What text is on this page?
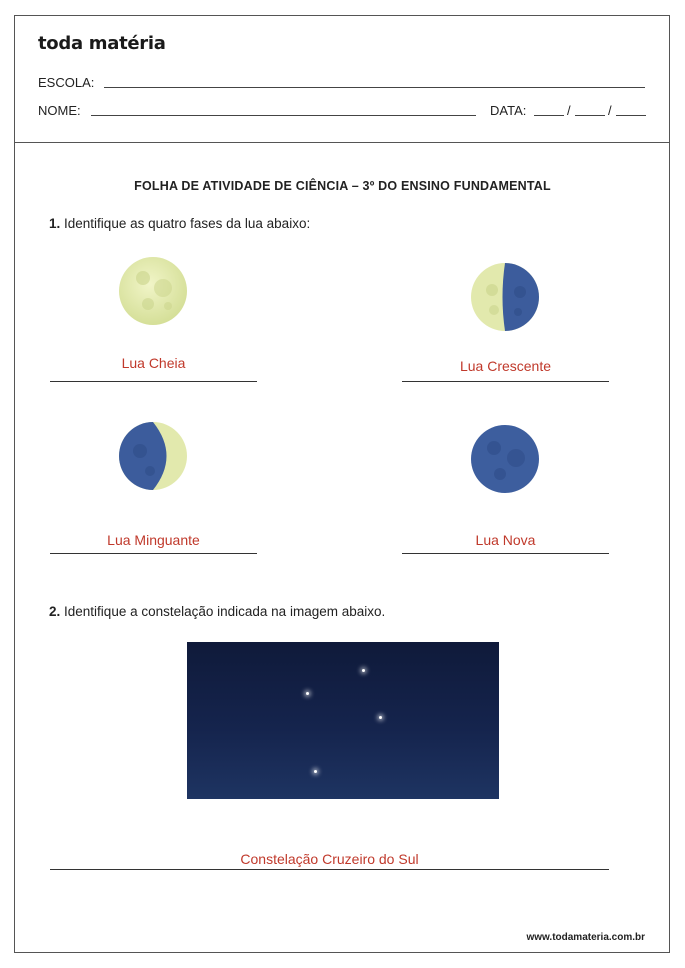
toda matéria
ESCOLA:
NOME:	DATA:	/	/
FOLHA DE ATIVIDADE DE CIÊNCIA – 3º DO ENSINO FUNDAMENTAL
1. Identifique as quatro fases da lua abaixo:
Lua Cheia	Lua Crescente
Lua Minguante	Lua Nova
2. Identifique a constelação indicada na imagem abaixo.
Constelação Cruzeiro do Sul
www.todamateria.com.br
